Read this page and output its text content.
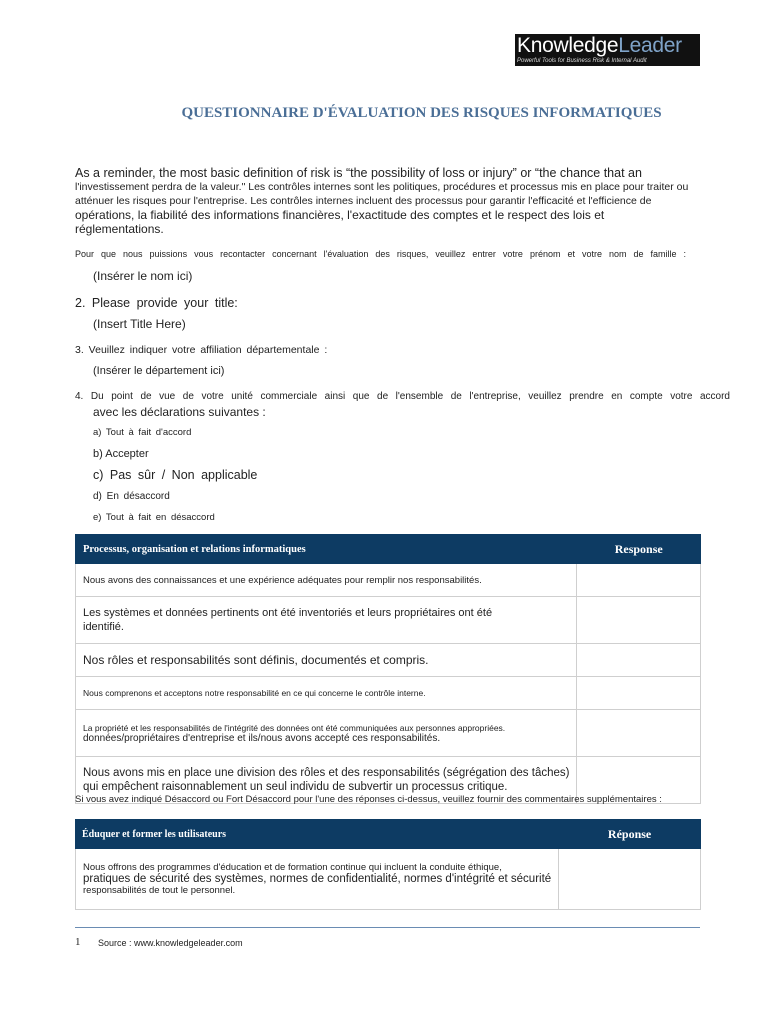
KnowledgeLeader
Powerful Tools for Business Risk & Internal Audit
QUESTIONNAIRE D'ÉVALUATION DES RISQUES INFORMATIQUES
As a reminder, the most basic definition of risk is “the possibility of loss or injury” or “the chance that an
l'investissement perdra de la valeur." Les contrôles internes sont les politiques, procédures et processus mis en place pour traiter ou
atténuer les risques pour l'entreprise. Les contrôles internes incluent des processus pour garantir l'efficacité et l'efficience de
opérations, la fiabilité des informations financières, l'exactitude des comptes et le respect des lois et
réglementations.
Pour que nous puissions vous recontacter concernant l'évaluation des risques, veuillez entrer votre prénom et votre nom de famille :
(Insérer le nom ici)
2. Please provide your title:
(Insert Title Here)
3. Veuillez indiquer votre affiliation départementale :
(Insérer le département ici)
4. Du point de vue de votre unité commerciale ainsi que de l'ensemble de l'entreprise, veuillez prendre en compte votre accord
avec les déclarations suivantes :
a) Tout à fait d'accord
b) Accepter
c) Pas sûr / Non applicable
d) En désaccord
e) Tout à fait en désaccord
Processus, organisation et relations informatiques	Response
Nous avons des connaissances et une expérience adéquates pour remplir nos responsabilités.	

Les systèmes et données pertinents ont été inventoriés et leurs propriétaires ont été
identifié.	

Nos rôles et responsabilités sont définis, documentés et compris.	
Nous comprenons et acceptons notre responsabilité en ce qui concerne le contrôle interne.	

La propriété et les responsabilités de l'intégrité des données ont été communiquées aux personnes appropriées.
données/propriétaires d'entreprise et ils/nous avons accepté ces responsabilités.	

Nous avons mis en place une division des rôles et des responsabilités (ségrégation des tâches)
qui empêchent raisonnablement un seul individu de subvertir un processus critique.	

Si vous avez indiqué Désaccord ou Fort Désaccord pour l'une des réponses ci-dessus, veuillez fournir des commentaires supplémentaires :
Éduquer et former les utilisateurs	Réponse

Nous offrons des programmes d'éducation et de formation continue qui incluent la conduite éthique,
pratiques de sécurité des systèmes, normes de confidentialité, normes d'intégrité et sécurité
responsabilités de tout le personnel.	

1 Source : www.knowledgeleader.com
